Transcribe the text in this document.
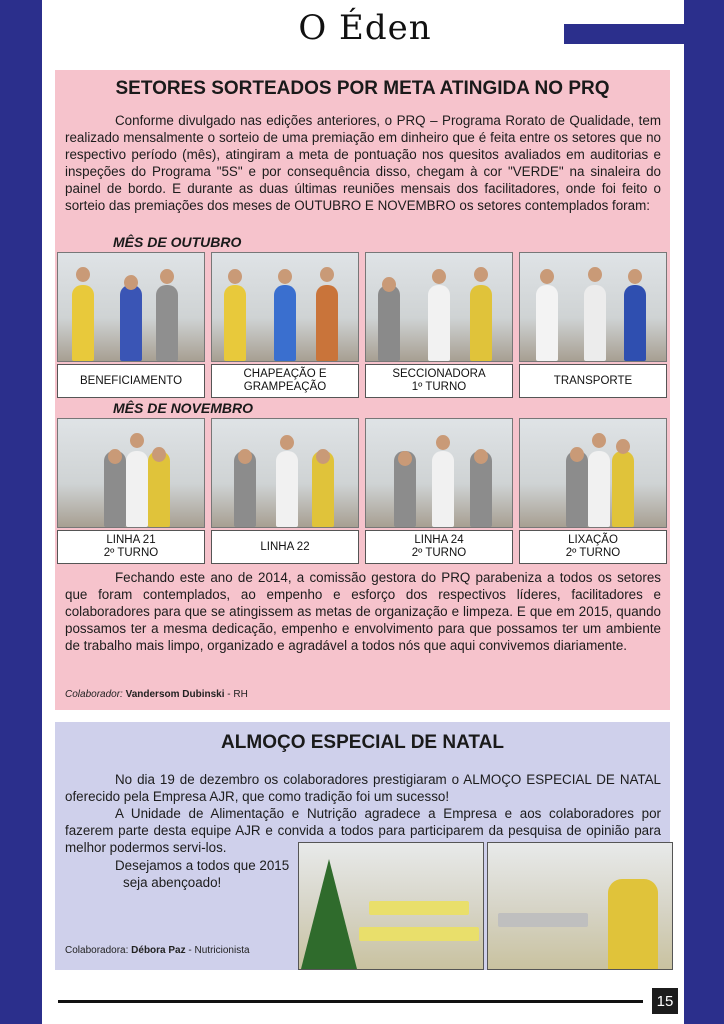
O Éden
SETORES SORTEADOS POR META ATINGIDA NO PRQ

Conforme divulgado nas edições anteriores, o PRQ – Programa Rorato de Qualidade, tem realizado mensalmente o sorteio de uma premiação em dinheiro que é feita entre os setores que no respectivo período (mês), atingiram a meta de pontuação nos quesitos avaliados em auditorias e inspeções do Programa "5S" e por consequência disso, chegam à cor "VERDE" na sinaleira do painel de bordo. E durante as duas últimas reuniões mensais dos facilitadores, onde foi feito o sorteio das premiações dos meses de OUTUBRO E NOVEMBRO os setores contemplados foram:

MÊS DE OUTUBRO
BENEFICIAMENTO

CHAPEAÇÃO E
GRAMPEAÇÃO
SECCIONADORA
1º TURNO
TRANSPORTE

MÊS DE NOVEMBRO
LINHA 21
2º TURNO
LINHA 22

LINHA 24
2º TURNO
LIXAÇÃO
2º TURNO

Fechando este ano de 2014, a comissão gestora do PRQ parabeniza a todos os setores que foram contemplados, ao empenho e esforço dos respectivos líderes, facilitadores e colaboradores para que se atingissem as metas de organização e limpeza. E que em 2015, quando possamos ter a mesma dedicação, empenho e envolvimento para que possamos ter um ambiente de trabalho mais limpo, organizado e agradável a todos nós que aqui convivemos diariamente.

Colaborador: Vandersom Dubinski - RH
ALMOÇO ESPECIAL DE NATAL

No dia 19 de dezembro os colaboradores prestigiaram o ALMOÇO ESPECIAL DE NATAL oferecido pela Empresa AJR, que como tradição foi um sucesso!

A Unidade de Alimentação e Nutrição agradece a Empresa e aos colaboradores por fazerem parte desta equipe AJR e convida a todos para participarem da pesquisa de opinião para melhor podermos servi-los.

Desejamos a todos que 2015
seja abençoado!
Colaboradora: Débora Paz - Nutricionista
15
